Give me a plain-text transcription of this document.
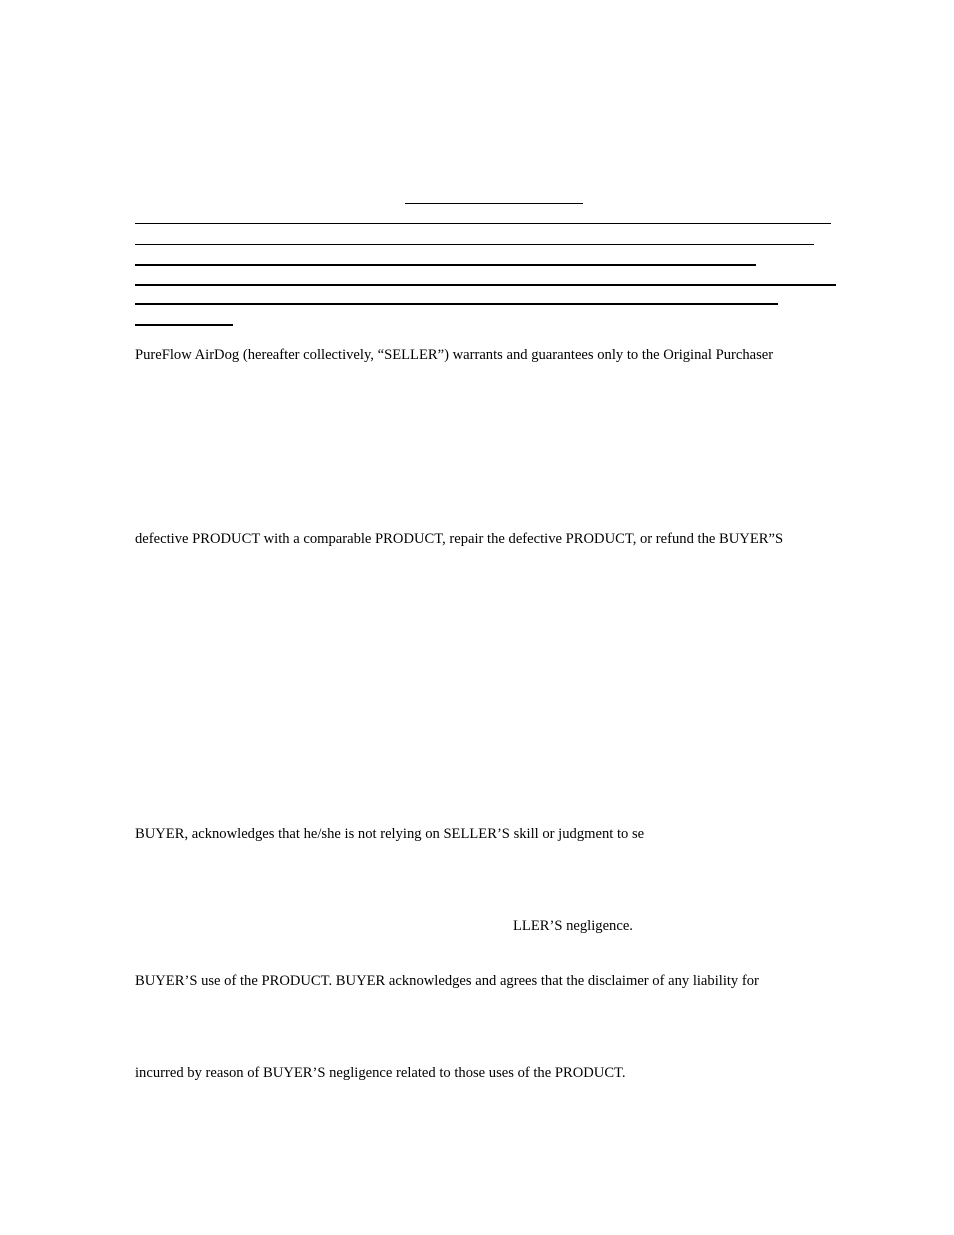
PureFlow AirDog (hereafter collectively, “SELLER”) warrants and guarantees only to the Original Purchaser
defective PRODUCT with a comparable PRODUCT, repair the defective PRODUCT, or refund the BUYER”S
BUYER, acknowledges that he/she is not relying on SELLER’S skill or judgment to se
LLER’S negligence.
BUYER’S use of the PRODUCT. BUYER acknowledges and agrees that the disclaimer of any liability for
incurred by reason of BUYER’S negligence related to those uses of the PRODUCT.
